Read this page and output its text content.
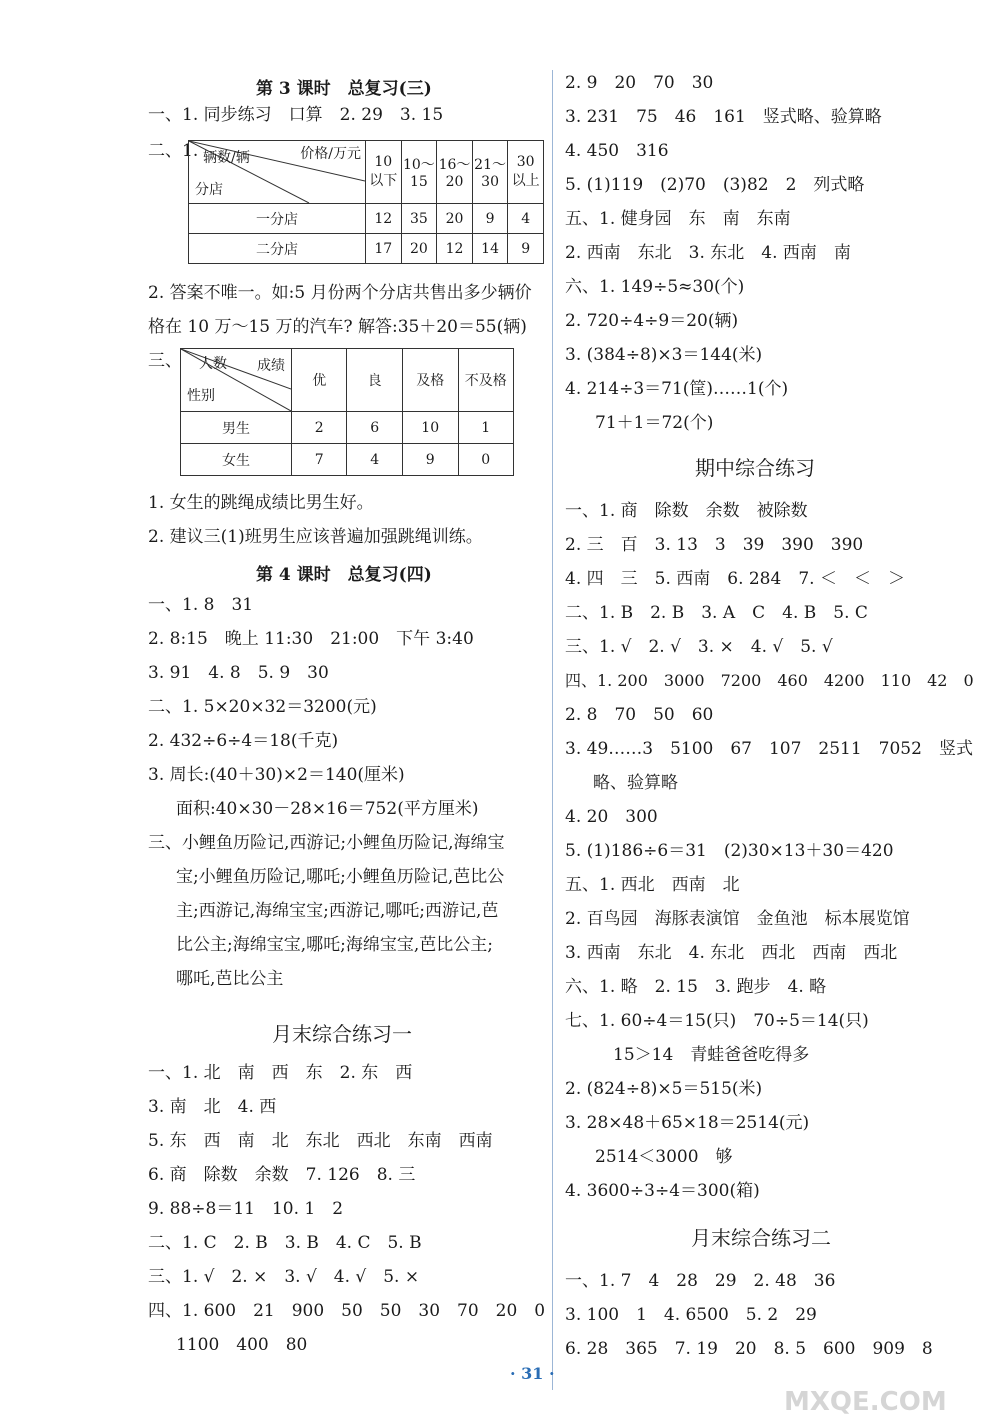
第 3 课时　总复习(三)
一、1. 同步练习　口算　2. 29　3. 15
二、1.	价格/万元
辆数/辆
分店	10 以下	10～ 15	16～ 20	21～ 30	30 以上
一分店	12	35	20	9	4
二分店	17	20	12	14	9
2. 答案不唯一。如:5 月份两个分店共售出多少辆价
格在 10 万～15 万的汽车? 解答:35＋20＝55(辆)
三、	成绩
人数
性别	优	良	及格	不及格
男生	2	6	10	1
女生	7	4	9	0
1. 女生的跳绳成绩比男生好。
2. 建议三(1)班男生应该普遍加强跳绳训练。
第 4 课时　总复习(四)
一、1. 8　31
2. 8:15　晚上 11:30　21:00　下午 3:40
3. 91　4. 8　5. 9　30
二、1. 5×20×32＝3200(元)
2. 432÷6÷4＝18(千克)
3. 周长:(40＋30)×2＝140(厘米)
面积:40×30－28×16＝752(平方厘米)
三、小鲤鱼历险记,西游记;小鲤鱼历险记,海绵宝
宝;小鲤鱼历险记,哪吒;小鲤鱼历险记,芭比公
主;西游记,海绵宝宝;西游记,哪吒;西游记,芭
比公主;海绵宝宝,哪吒;海绵宝宝,芭比公主;
哪吒,芭比公主
月末综合练习一
一、1. 北　南　西　东　2. 东　西
3. 南　北　4. 西
5. 东　西　南　北　东北　西北　东南　西南
6. 商　除数　余数　7. 126　8. 三
9. 88÷8＝11　10. 1　2
二、1. C　2. B　3. B　4. C　5. B
三、1. √　2. ×　3. √　4. √　5. ×
四、1. 600　21　900　50　50　30　70　20　0
1100　400　80
2. 9　20　70　30
3. 231　75　46　161　竖式略、验算略
4. 450　316
5. (1)119　(2)70　(3)82　2　列式略
五、1. 健身园　东　南　东南
2. 西南　东北　3. 东北　4. 西南　南
六、1. 149÷5≈30(个)
2. 720÷4÷9＝20(辆)
3. (384÷8)×3＝144(米)
4. 214÷3＝71(筐)……1(个)
71＋1＝72(个)
期中综合练习
一、1. 商　除数　余数　被除数
2. 三　百　3. 13　3　39　390　390
4. 四　三　5. 西南　6. 284　7. ＜　＜　＞
二、1. B　2. B　3. A　C　4. B　5. C
三、1. √　2. √　3. ×　4. √　5. √
四、1. 200　3000　7200　460　4200　110　42　0
2. 8　70　50　60
3. 49……3　5100　67　107　2511　7052　竖式
略、验算略
4. 20　300
5. (1)186÷6＝31　(2)30×13＋30＝420
五、1. 西北　西南　北
2. 百鸟园　海豚表演馆　金鱼池　标本展览馆
3. 西南　东北　4. 东北　西北　西南　西北
六、1. 略　2. 15　3. 跑步　4. 略
七、1. 60÷4＝15(只)　70÷5＝14(只)
15＞14　青蛙爸爸吃得多
2. (824÷8)×5＝515(米)
3. 28×48＋65×18＝2514(元)
2514＜3000　够
4. 3600÷3÷4＝300(箱)
月末综合练习二
一、1. 7　4　28　29　2. 48　36
3. 100　1　4. 6500　5. 2　29
6. 28　365　7. 19　20　8. 5　600　909　8
· 31 ·
MXQE.COM
